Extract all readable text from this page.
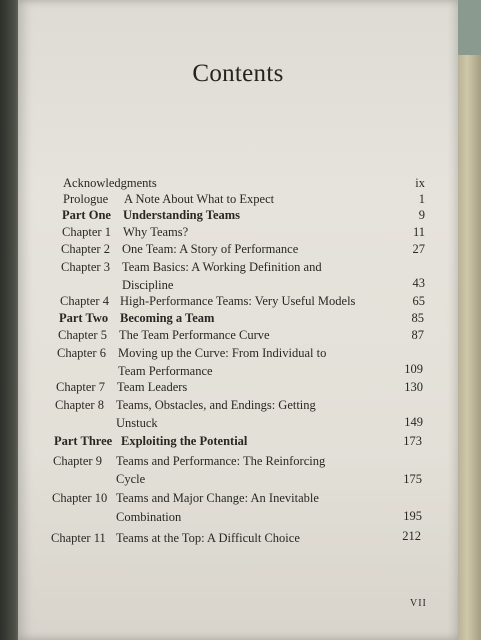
Contents
Acknowledgments	ix
Prologue A Note About What to Expect	1
Part One Understanding Teams	9
Chapter 1 Why Teams?	11
Chapter 2 One Team: A Story of Performance	27
Chapter 3 Team Basics: A Working Definition and
Discipline	43
Chapter 4 High-Performance Teams: Very Useful Models	65
Part Two Becoming a Team	85
Chapter 5 The Team Performance Curve	87
Chapter 6 Moving up the Curve: From Individual to
Team Performance	109
Chapter 7 Team Leaders	130
Chapter 8 Teams, Obstacles, and Endings: Getting
Unstuck	149
Part Three Exploiting the Potential	173
Chapter 9 Teams and Performance: The Reinforcing
Cycle	175
Chapter 10 Teams and Major Change: An Inevitable
Combination	195
Chapter 11 Teams at the Top: A Difficult Choice	212
VII
